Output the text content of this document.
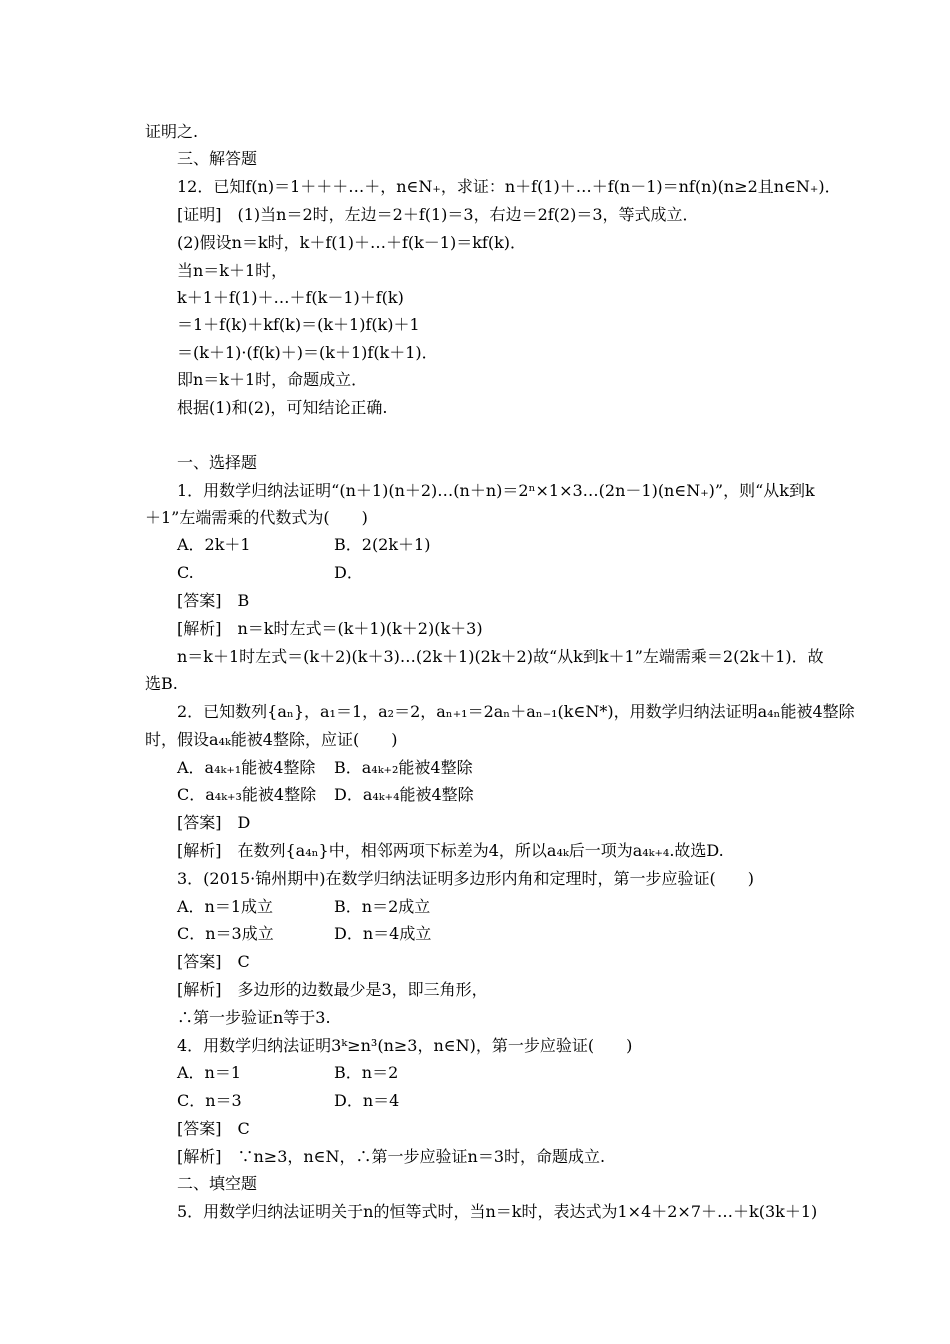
证明之.
三、解答题
12．已知f(n)＝1＋＋＋…＋，n∈N₊，求证：n＋f(1)＋…＋f(n－1)＝nf(n)(n≥2且n∈N₊)．
[证明]　(1)当n＝2时，左边＝2＋f(1)＝3，右边＝2f(2)＝3，等式成立．
(2)假设n＝k时，k＋f(1)＋…＋f(k－1)＝kf(k)．
当n＝k＋1时，
k＋1＋f(1)＋…＋f(k－1)＋f(k)
＝1＋f(k)＋kf(k)＝(k＋1)f(k)＋1
＝(k＋1)·(f(k)＋)＝(k＋1)f(k＋1)．
即n＝k＋1时，命题成立．
根据(1)和(2)，可知结论正确.
一、选择题
1．用数学归纳法证明“(n＋1)(n＋2)…(n＋n)＝2ⁿ×1×3…(2n－1)(n∈N₊)”，则“从k到k
＋1”左端需乘的代数式为(　　)
A．2k＋1	B．2(2k＋1)
C.	D．
[答案]　B
[解析]　n＝k时左式＝(k＋1)(k＋2)(k＋3)
n＝k＋1时左式＝(k＋2)(k＋3)…(2k＋1)(2k＋2)故“从k到k＋1”左端需乘＝2(2k＋1)．故
选B.
2．已知数列{aₙ}，a₁＝1，a₂＝2，aₙ₊₁＝2aₙ＋aₙ₋₁(k∈N*)，用数学归纳法证明a₄ₙ能被4整除
时，假设a₄ₖ能被4整除，应证(　　)
A．a₄ₖ₊₁能被4整除 B．a₄ₖ₊₂能被4整除
C．a₄ₖ₊₃能被4整除 D．a₄ₖ₊₄能被4整除
[答案]　D
[解析]　在数列{a₄ₙ}中，相邻两项下标差为4，所以a₄ₖ后一项为a₄ₖ₊₄.故选D.
3．(2015·锦州期中)在数学归纳法证明多边形内角和定理时，第一步应验证(　　)
A．n＝1成立	B．n＝2成立
C．n＝3成立	D．n＝4成立
[答案]　C
[解析]　多边形的边数最少是3，即三角形，
∴第一步验证n等于3.
4．用数学归纳法证明3ᵏ≥n³(n≥3，n∈N)，第一步应验证(　　)
A．n＝1	B．n＝2
C．n＝3	D．n＝4
[答案]　C
[解析]　∵n≥3，n∈N，∴第一步应验证n＝3时，命题成立.
二、填空题
5．用数学归纳法证明关于n的恒等式时，当n＝k时，表达式为1×4＋2×7＋…＋k(3k＋1)
